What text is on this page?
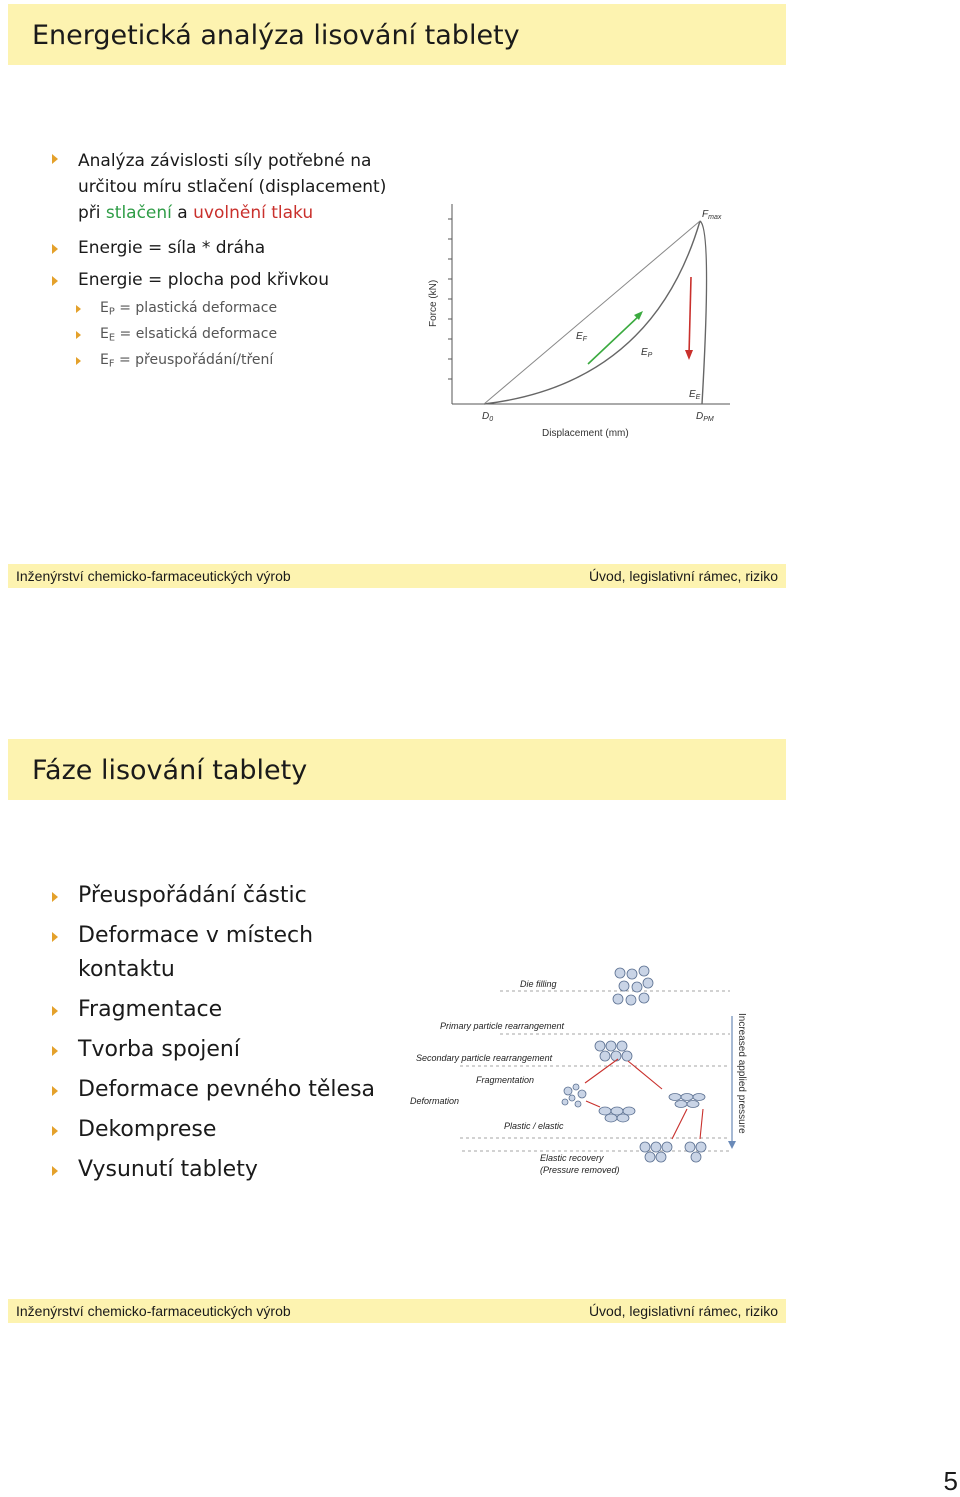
Energetická analýza lisování tablety
Analýza závislosti síly potřebné na
určitou míru stlačení (displacement)
při stlačení a uvolnění tlaku
Energie = síla * dráha
Energie = plocha pod křivkou
$E_P$ = plastická deformace
$E_E$ = elsatická deformace
$E_F$ = přeuspořádání/tření
Force (kN)
Displacement (mm)
$F_{max}$
$E_F$
$E_P$
$E_E$
$D_0$	$D_{PM}$
Inženýrství chemicko-farmaceutických výrob	Úvod, legislativní rámec, riziko
Fáze lisování tablety
Přeuspořádání částic
Deformace v místech
kontaktu
Fragmentace
Tvorba spojení
Deformace pevného tělesa
Dekomprese
Vysunutí tablety
Increased applied pressure
Die filling
Primary particle rearrangement
Secondary particle rearrangement
Fragmentation
Deformation
Plastic / elastic
Elastic recovery
(Pressure removed)
Inženýrství chemicko-farmaceutických výrob	Úvod, legislativní rámec, riziko
5
